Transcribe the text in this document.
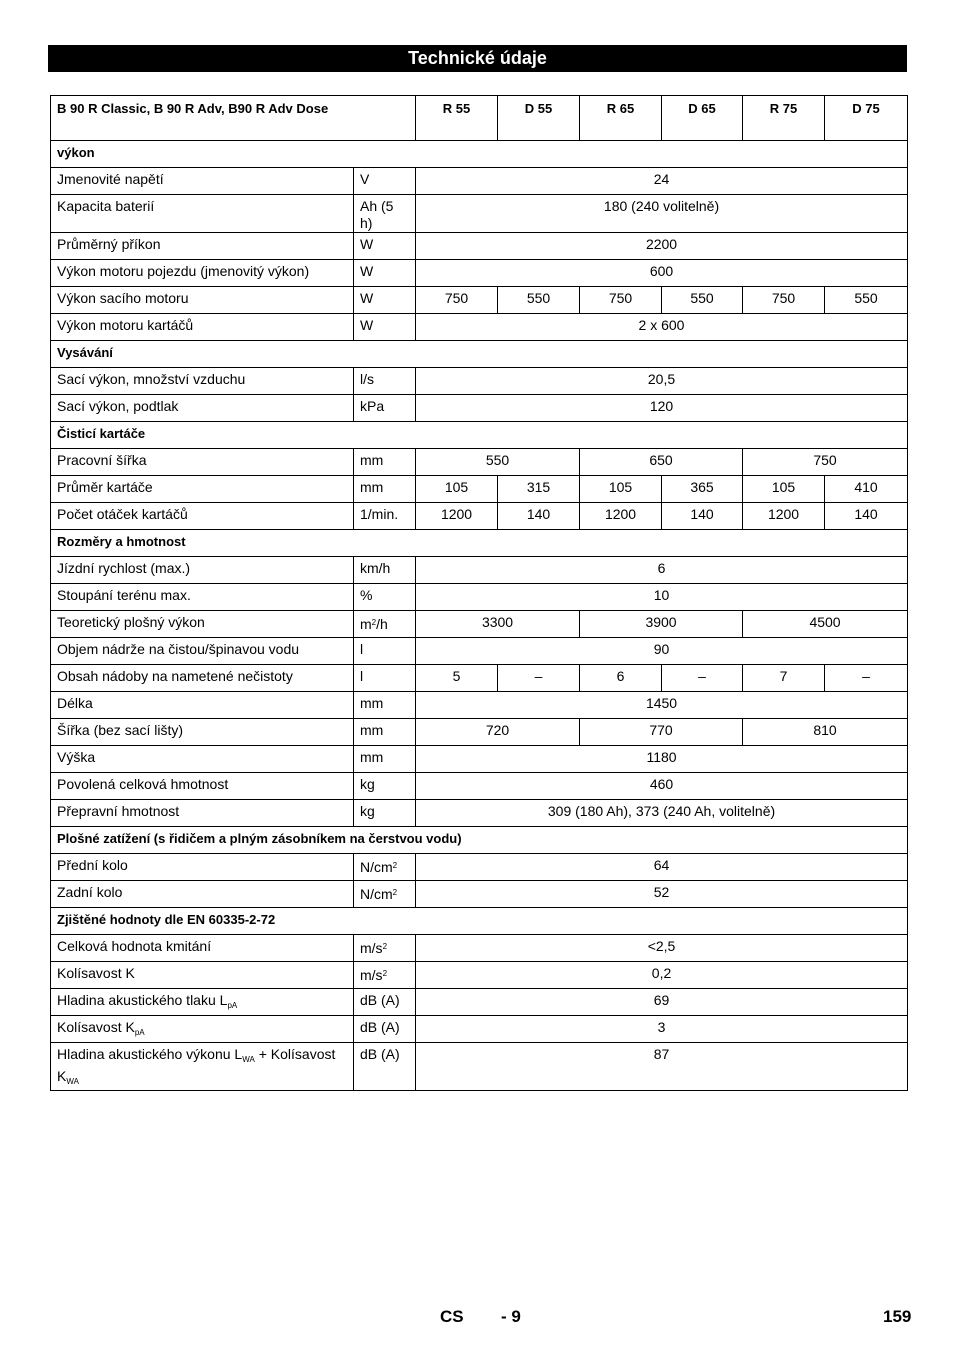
Technické údaje
B 90 R Classic, B 90 R Adv, B90 R Adv Dose		R 55	D 55	R 65	D 65	R 75	D 75
výkon							
Jmenovité napětí	V	24					
Kapacita baterií	Ah (5 h)	180 (240 volitelně)					
Průměrný příkon	W	2200					
Výkon motoru pojezdu (jmenovitý výkon)	W	600					
Výkon sacího motoru	W	750	550	750	550	750	550
Výkon motoru kartáčů	W	2 x 600					
Vysávání							
Sací výkon, množství vzduchu	l/s	20,5					
Sací výkon, podtlak	kPa	120					
Čisticí kartáče							
Pracovní šířka	mm	550		650		750	
Průměr kartáče	mm	105	315	105	365	105	410
Počet otáček kartáčů	1/min.	1200	140	1200	140	1200	140
Rozměry a hmotnost							
Jízdní rychlost (max.)	km/h	6					
Stoupání terénu max.	%	10					
Teoretický plošný výkon	$m^2/h$	3300		3900		4500	
Objem nádrže na čistou/špinavou vodu	l	90					
Obsah nádoby na nametené nečistoty	l	5	–	6	–	7	–
Délka	mm	1450					
Šířka (bez sací lišty)	mm	720		770		810	
Výška	mm	1180					
Povolená celková hmotnost	kg	460					
Přepravní hmotnost	kg	309 (180 Ah), 373 (240 Ah, volitelně)					
Plošné zatížení (s řidičem a plným zásobníkem na čerstvou vodu)							
Přední kolo	$N/cm^2$	64					
Zadní kolo	$N/cm^2$	52					
Zjištěné hodnoty dle EN 60335-2-72							
Celková hodnota kmitání	$m/s^2$	<2,5					
Kolísavost K	$m/s^2$	0,2					
Hladina akustického tlaku $L_{pA}$	dB (A)	69					
Kolísavost $K_{pA}$	dB (A)	3					
Hladina akustického výkonu $L_{WA}$ + Kolísavost $K_{WA}$	dB (A)	87					
CS - 9	159
